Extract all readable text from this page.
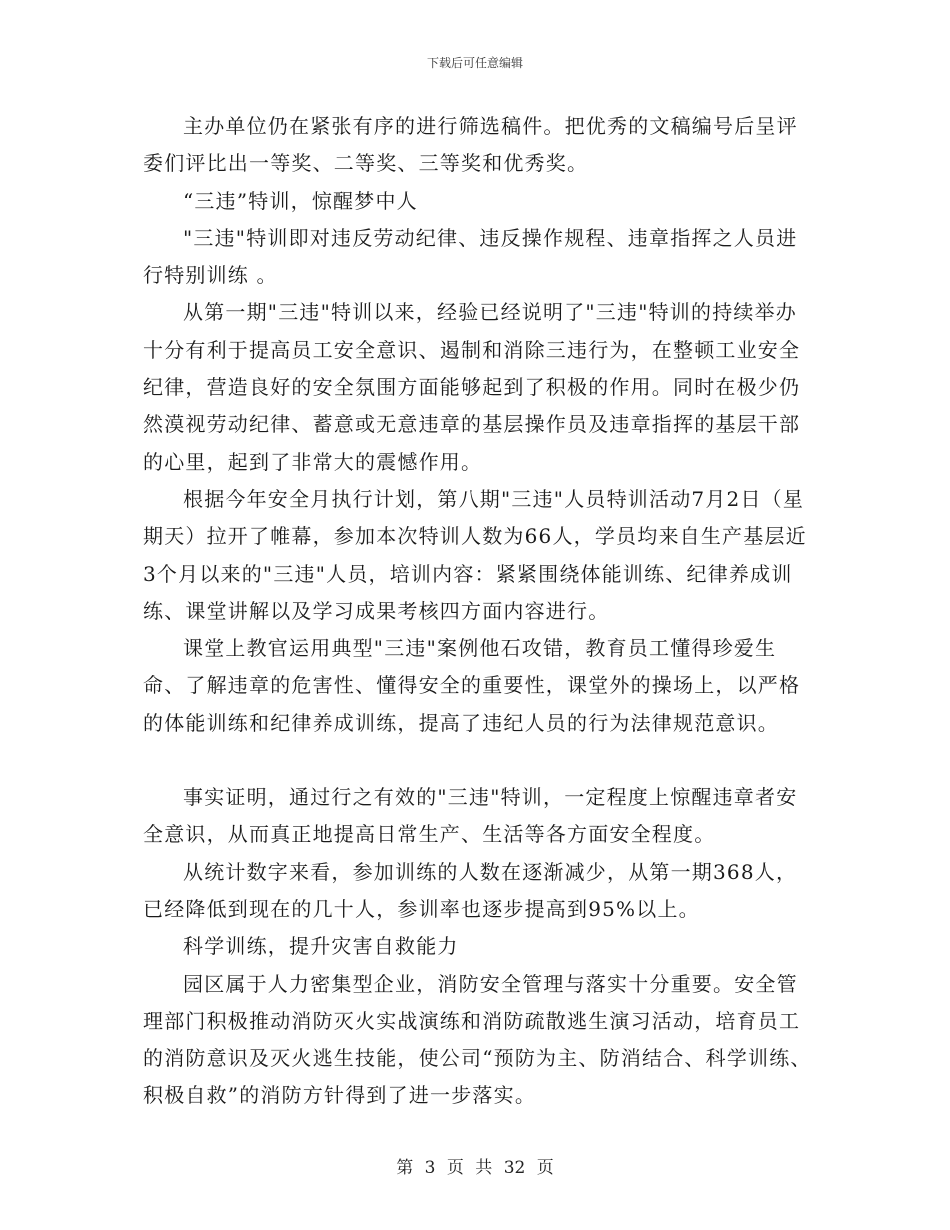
下载后可任意编辑

主办单位仍在紧张有序的进行筛选稿件。把优秀的文稿编号后呈评委们评比出一等奖、二等奖、三等奖和优秀奖。

“三违”特训，惊醒梦中人

"三违"特训即对违反劳动纪律、违反操作规程、违章指挥之人员进行特别训练 。

从第一期"三违"特训以来，经验已经说明了"三违"特训的持续举办十分有利于提高员工安全意识、遏制和消除三违行为，在整顿工业安全纪律，营造良好的安全氛围方面能够起到了积极的作用。同时在极少仍然漠视劳动纪律、蓄意或无意违章的基层操作员及违章指挥的基层干部的心里，起到了非常大的震憾作用。

根据今年安全月执行计划，第八期"三违"人员特训活动7月2日（星期天）拉开了帷幕，参加本次特训人数为66人，学员均来自生产基层近3个月以来的"三违"人员，培训内容：紧紧围绕体能训练、纪律养成训练、课堂讲解以及学习成果考核四方面内容进行。

课堂上教官运用典型"三违"案例他石攻错，教育员工懂得珍爱生命、了解违章的危害性、懂得安全的重要性，课堂外的操场上，以严格的体能训练和纪律养成训练，提高了违纪人员的行为法律规范意识。

事实证明，通过行之有效的"三违"特训，一定程度上惊醒违章者安全意识，从而真正地提高日常生产、生活等各方面安全程度。

从统计数字来看，参加训练的人数在逐渐减少，从第一期368人，已经降低到现在的几十人，参训率也逐步提高到95%以上。

科学训练，提升灾害自救能力

园区属于人力密集型企业，消防安全管理与落实十分重要。安全管理部门积极推动消防灭火实战演练和消防疏散逃生演习活动，培育员工的消防意识及灭火逃生技能，使公司“预防为主、防消结合、科学训练、积极自救”的消防方针得到了进一步落实。

第 3 页 共 32 页
